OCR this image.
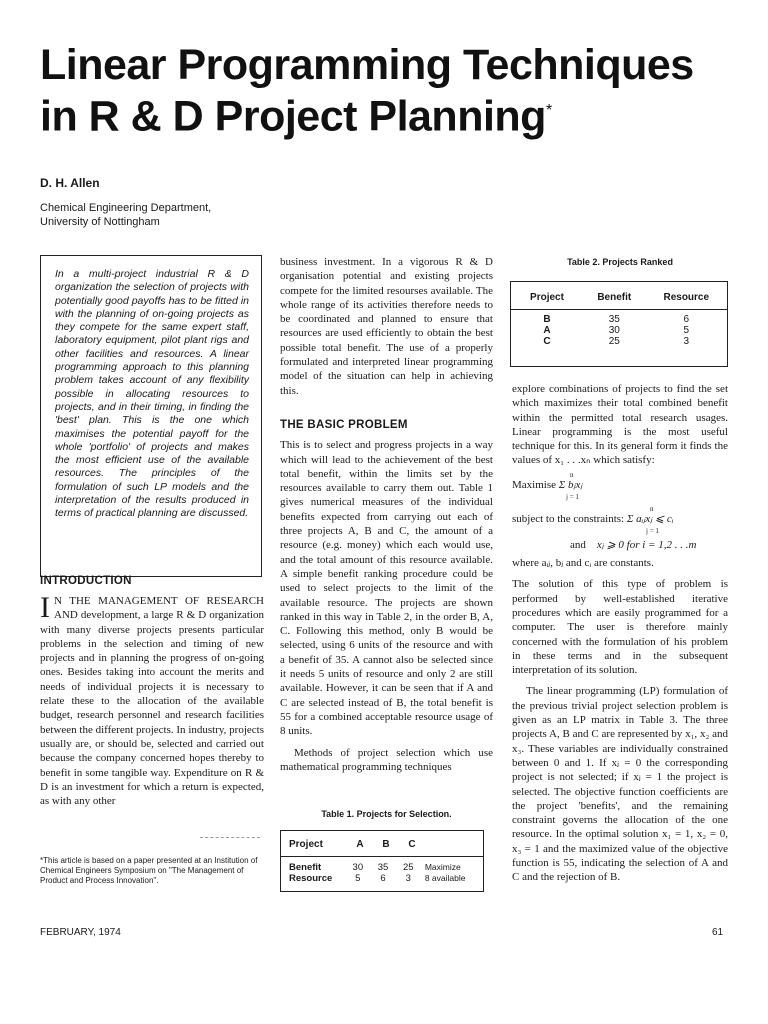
Linear Programming Techniques
in R & D Project Planning*
D. H. Allen
Chemical Engineering Department,
University of Nottingham
In a multi-project industrial R & D organization the selection of projects with potentially good payoffs has to be fitted in with the planning of on-going projects as they compete for the same expert staff, laboratory equipment, pilot plant rigs and other facilities and resources. A linear programming approach to this planning problem takes account of any flexibility possible in allocating resources to projects, and in their timing, in finding the 'best' plan. This is the one which maximises the potential payoff for the whole 'portfolio' of projects and makes the most efficient use of the available resources. The principles of the formulation of such LP models and the interpretation of the results produced in terms of practical planning are discussed.
INTRODUCTION
I N THE MANAGEMENT OF RESEARCH AND development, a large R & D organization with many diverse projects presents particular problems in the selection and timing of new projects and in planning the progress of on-going ones. Besides taking into account the merits and needs of individual projects it is necessary to relate these to the allocation of the available budget, research personnel and research facilities between the different projects. In industry, projects usually are, or should be, selected and carried out because the company concerned hopes thereby to benefit in some tangible way. Expenditure on R & D is an investment for which a return is expected, as with any other
*This article is based on a paper presented at an Institution of Chemical Engineers Symposium on "The Management of Product and Process Innovation".

business investment. In a vigorous R & D organisation potential and existing projects compete for the limited resourses available. The whole range of its activities therefore needs to be coordinated and planned to ensure that resources are used efficiently to obtain the best possible total benefit. The use of a properly formulated and interpreted linear programming model of the situation can help in achieving this.

THE BASIC PROBLEM

This is to select and progress projects in a way which will lead to the achievement of the best total benefit, within the limits set by the resources available to carry them out. Table 1 gives numerical measures of the individual benefits expected from carrying out each of three projects A, B and C, the amount of a resource (e.g. money) which each would use, and the total amount of this resource available. A simple benefit ranking procedure could be used to select projects to the limit of the available resource. The projects are shown ranked in this way in Table 2, in the order B, A, C. Following this method, only B would be selected, using 6 units of the resource and with a benefit of 35. A cannot also be selected since it needs 5 units of resource and only 2 are still available. However, it can be seen that if A and C are selected instead of B, the total benefit is 55 for a combined acceptable resource usage of 8 units.

Methods of project selection which use mathematical programming techniques

Table 1. Projects for Selection.
Project	A	B	C
Benefit	30	35	25	Maximize
Resource	5	6	3	8 available
Table 2. Projects Ranked
Project	Benefit	Resource
B	35	6
A	30	5
C	25	3

explore combinations of projects to find the set which maximizes their total combined benefit within the permitted total research usages. Linear programming is the most useful technique for this. In its general form it finds the values of x₁ . . .xₙ which satisfy:

Maximise Σ bⱼxⱼ
n
j = 1
subject to the constraints: Σ aᵢⱼxⱼ ⩽ cᵢ
n
j = 1
and xⱼ ⩾ 0 for i = 1,2 . . .m

where aᵢⱼ, bⱼ and cᵢ are constants.

The solution of this type of problem is performed by well-established iterative procedures which are easily programmed for a computer. The user is therefore mainly concerned with the formulation of his problem in these terms and in the subsequent interpretation of its solution.

The linear programming (LP) formulation of the previous trivial project selection problem is given as an LP matrix in Table 3. The three projects A, B and C are represented by x₁, x₂ and x₃. These variables are individually constrained between 0 and 1. If xⱼ = 0 the corresponding project is not selected; if xⱼ = 1 the project is selected. The objective function coefficients are the project 'benefits', and the remaining constraint governs the allocation of the one resource. In the optimal solution x₁ = 1, x₂ = 0, x₃ = 1 and the maximized value of the objective function is 55, indicating the selection of A and C and the rejection of B.

FEBRUARY, 1974	61
